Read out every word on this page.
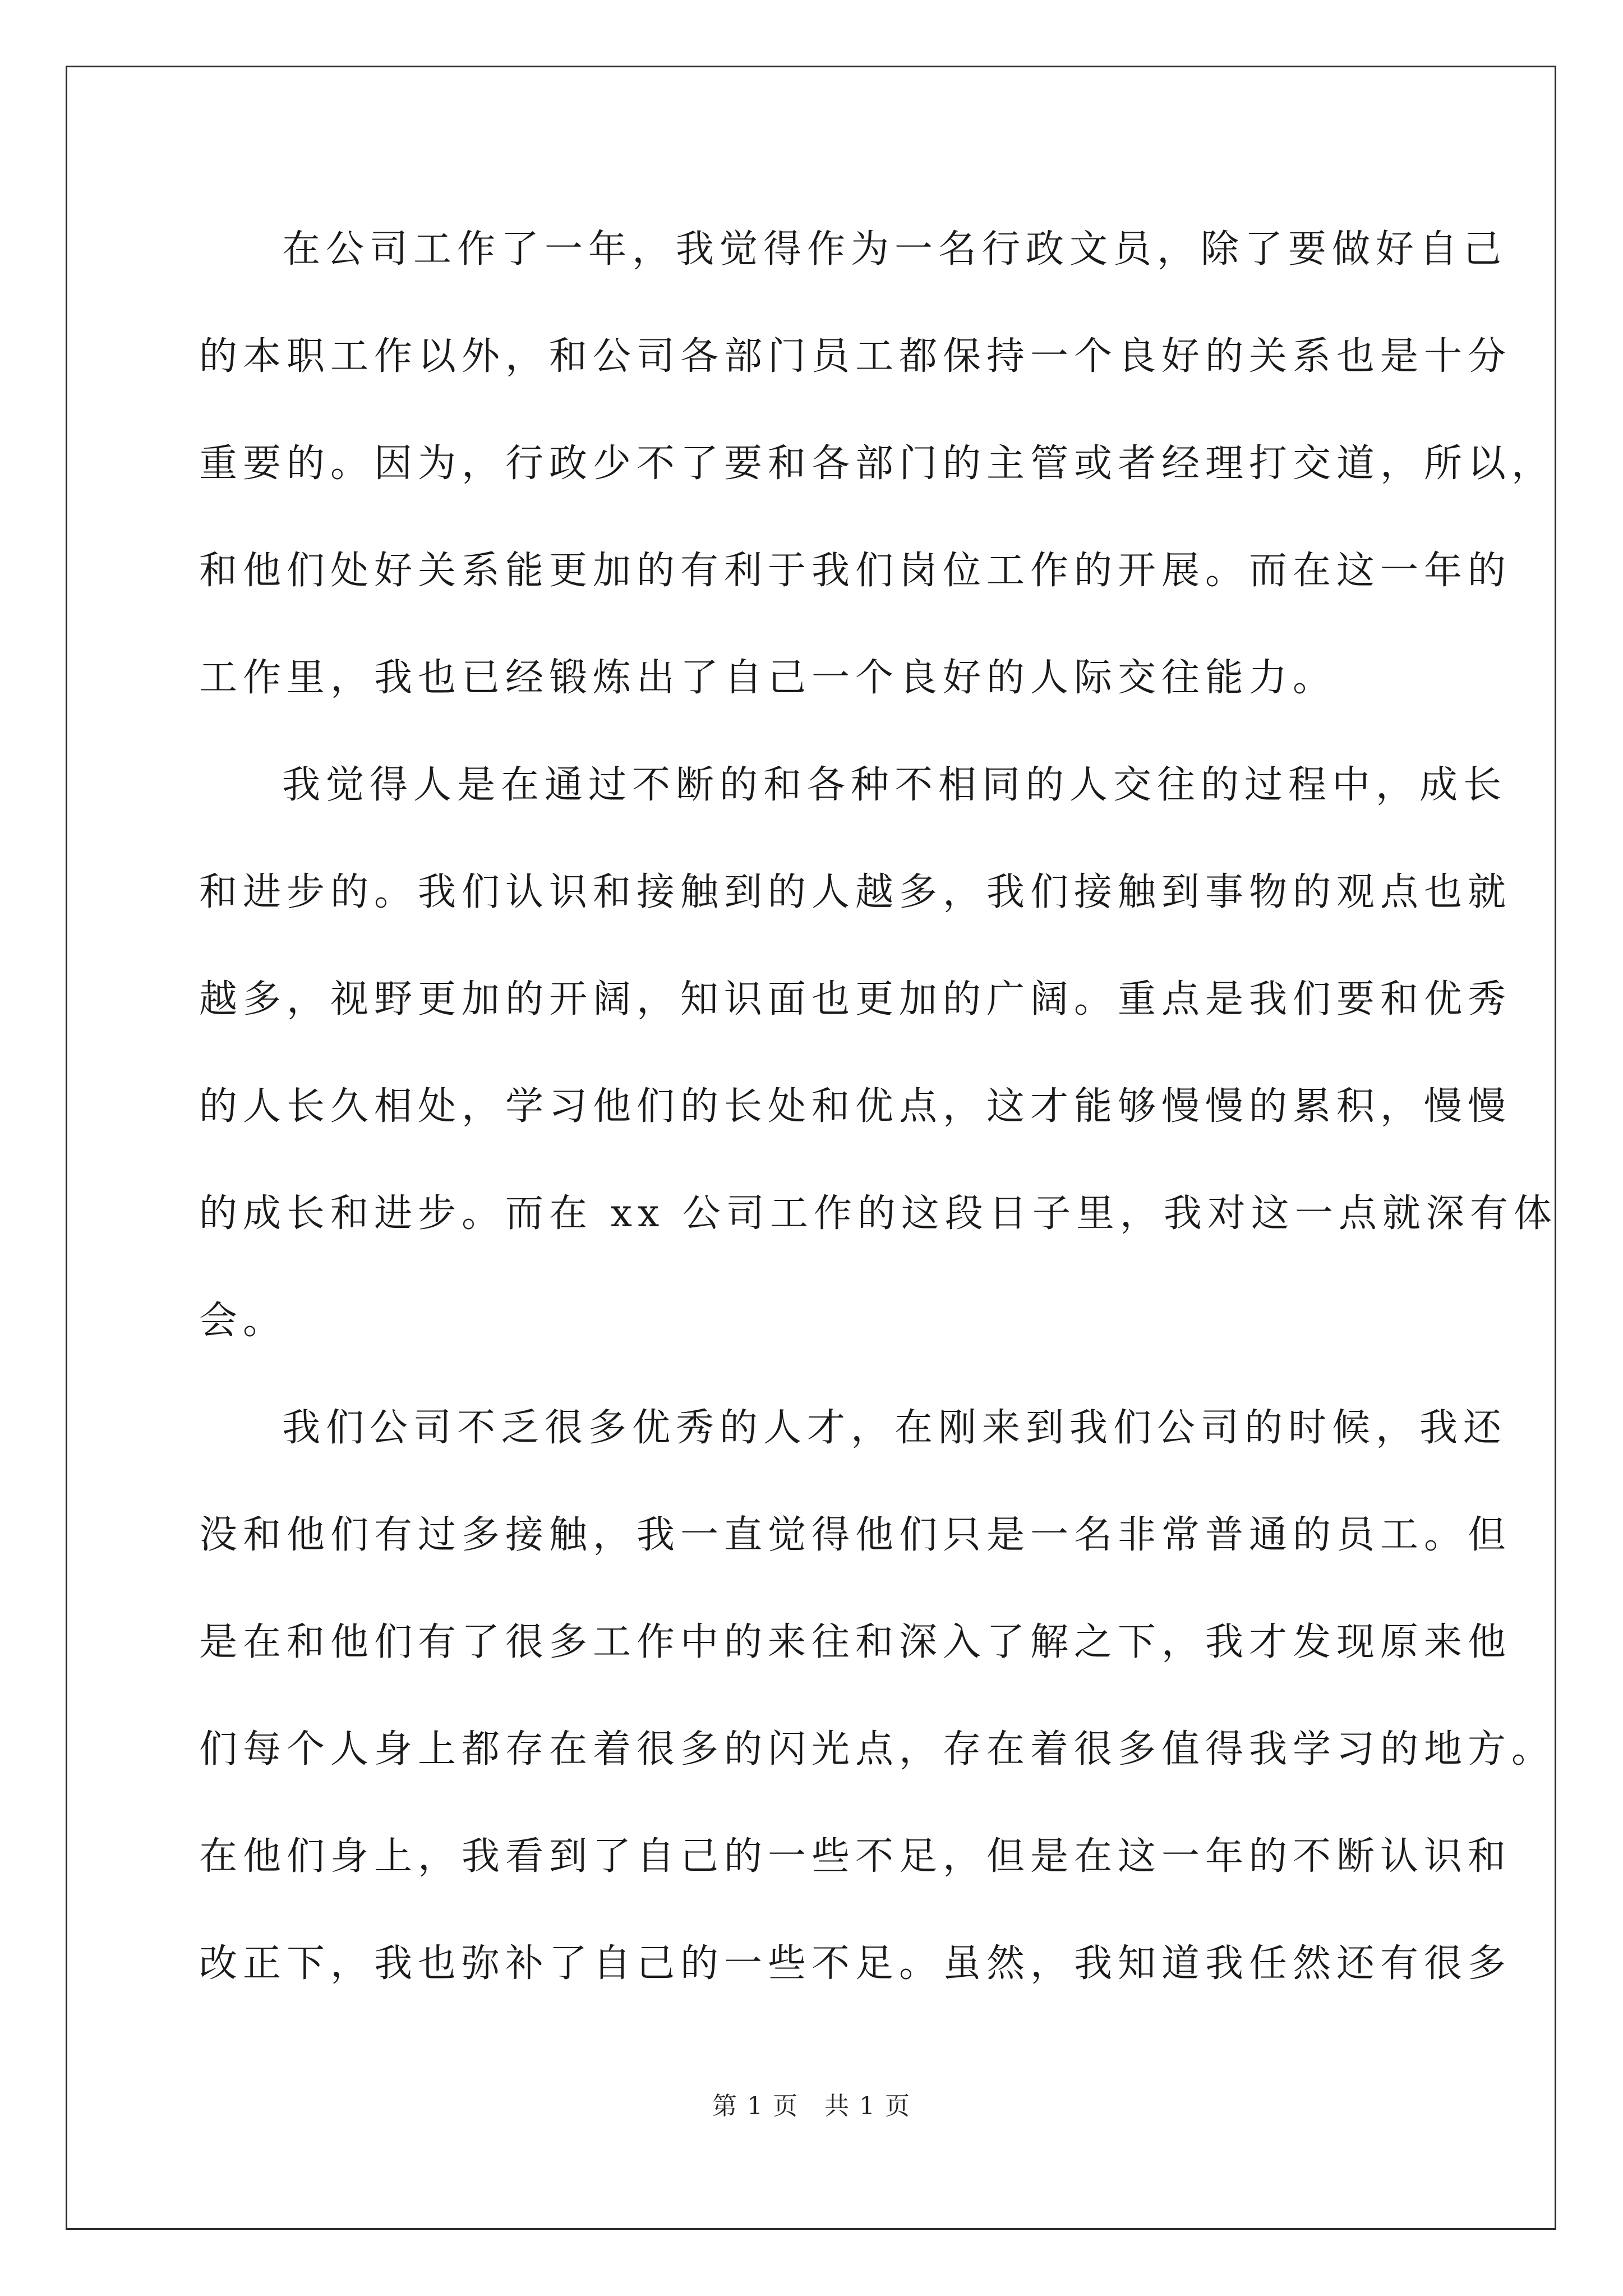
在公司工作了一年，我觉得作为一名行政文员，除了要做好自己
的本职工作以外，和公司各部门员工都保持一个良好的关系也是十分
重要的。因为，行政少不了要和各部门的主管或者经理打交道，所以，
和他们处好关系能更加的有利于我们岗位工作的开展。而在这一年的
工作里，我也已经锻炼出了自己一个良好的人际交往能力。
我觉得人是在通过不断的和各种不相同的人交往的过程中，成长
和进步的。我们认识和接触到的人越多，我们接触到事物的观点也就
越多，视野更加的开阔，知识面也更加的广阔。重点是我们要和优秀
的人长久相处，学习他们的长处和优点，这才能够慢慢的累积，慢慢
的成长和进步。而在 xx 公司工作的这段日子里，我对这一点就深有体
会。
我们公司不乏很多优秀的人才，在刚来到我们公司的时候，我还
没和他们有过多接触，我一直觉得他们只是一名非常普通的员工。但
是在和他们有了很多工作中的来往和深入了解之下，我才发现原来他
们每个人身上都存在着很多的闪光点，存在着很多值得我学习的地方。
在他们身上，我看到了自己的一些不足，但是在这一年的不断认识和
改正下，我也弥补了自己的一些不足。虽然，我知道我任然还有很多
第 1 页　共 1 页
